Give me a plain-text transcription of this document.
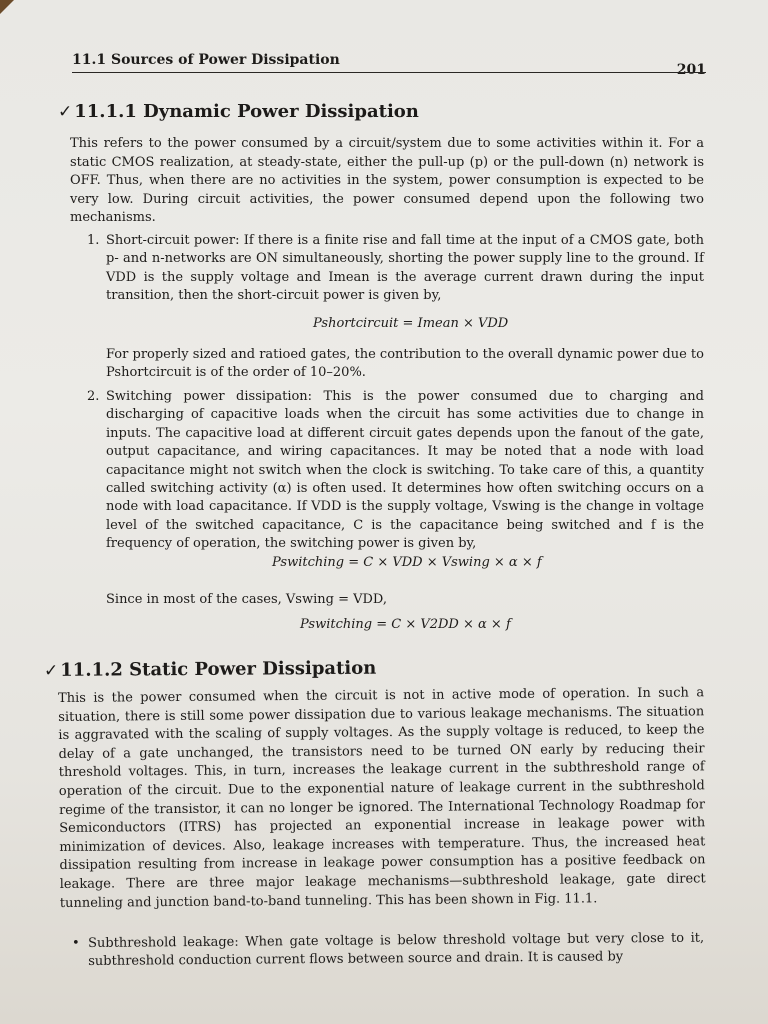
11.1 Sources of Power Dissipation
201
✓ 11.1.1 Dynamic Power Dissipation

This refers to the power consumed by a circuit/system due to some activities within it. For a static CMOS realization, at steady-state, either the pull-up (p) or the pull-down (n) network is OFF. Thus, when there are no activities in the system, power consumption is expected to be very low. During circuit activities, the power consumed depend upon the following two mechanisms.

1. Short-circuit power: If there is a finite rise and fall time at the input of a CMOS gate, both p- and n-networks are ON simultaneously, shorting the power supply line to the ground. If VDD is the supply voltage and Imean is the average current drawn during the input transition, then the short-circuit power is given by,

Pshortcircuit = Imean × VDD

For properly sized and ratioed gates, the contribution to the overall dynamic power due to Pshortcircuit is of the order of 10–20%.

2. Switching power dissipation: This is the power consumed due to charging and discharging of capacitive loads when the circuit has some activities due to change in inputs. The capacitive load at different circuit gates depends upon the fanout of the gate, output capacitance, and wiring capacitances. It may be noted that a node with load capacitance might not switch when the clock is switching. To take care of this, a quantity called switching activity (α) is often used. It determines how often switching occurs on a node with load capacitance. If VDD is the supply voltage, Vswing is the change in voltage level of the switched capacitance, C is the capacitance being switched and f is the frequency of operation, the switching power is given by,

Pswitching = C × VDD × Vswing × α × f

Since in most of the cases, Vswing = VDD,

Pswitching = C × V2DD × α × f

✓ 11.1.2 Static Power Dissipation

This is the power consumed when the circuit is not in active mode of operation. In such a situation, there is still some power dissipation due to various leakage mechanisms. The situation is aggravated with the scaling of supply voltages. As the supply voltage is reduced, to keep the delay of a gate unchanged, the transistors need to be turned ON early by reducing their threshold voltages. This, in turn, increases the leakage current in the subthreshold range of operation of the circuit. Due to the exponential nature of leakage current in the subthreshold regime of the transistor, it can no longer be ignored. The International Technology Roadmap for Semiconductors (ITRS) has projected an exponential increase in leakage power with minimization of devices. Also, leakage increases with temperature. Thus, the increased heat dissipation resulting from increase in leakage power consumption has a positive feedback on leakage. There are three major leakage mechanisms—subthreshold leakage, gate direct tunneling and junction band-to-band tunneling. This has been shown in Fig. 11.1.

• Subthreshold leakage: When gate voltage is below threshold voltage but very close to it, subthreshold conduction current flows between source and drain. It is caused by
